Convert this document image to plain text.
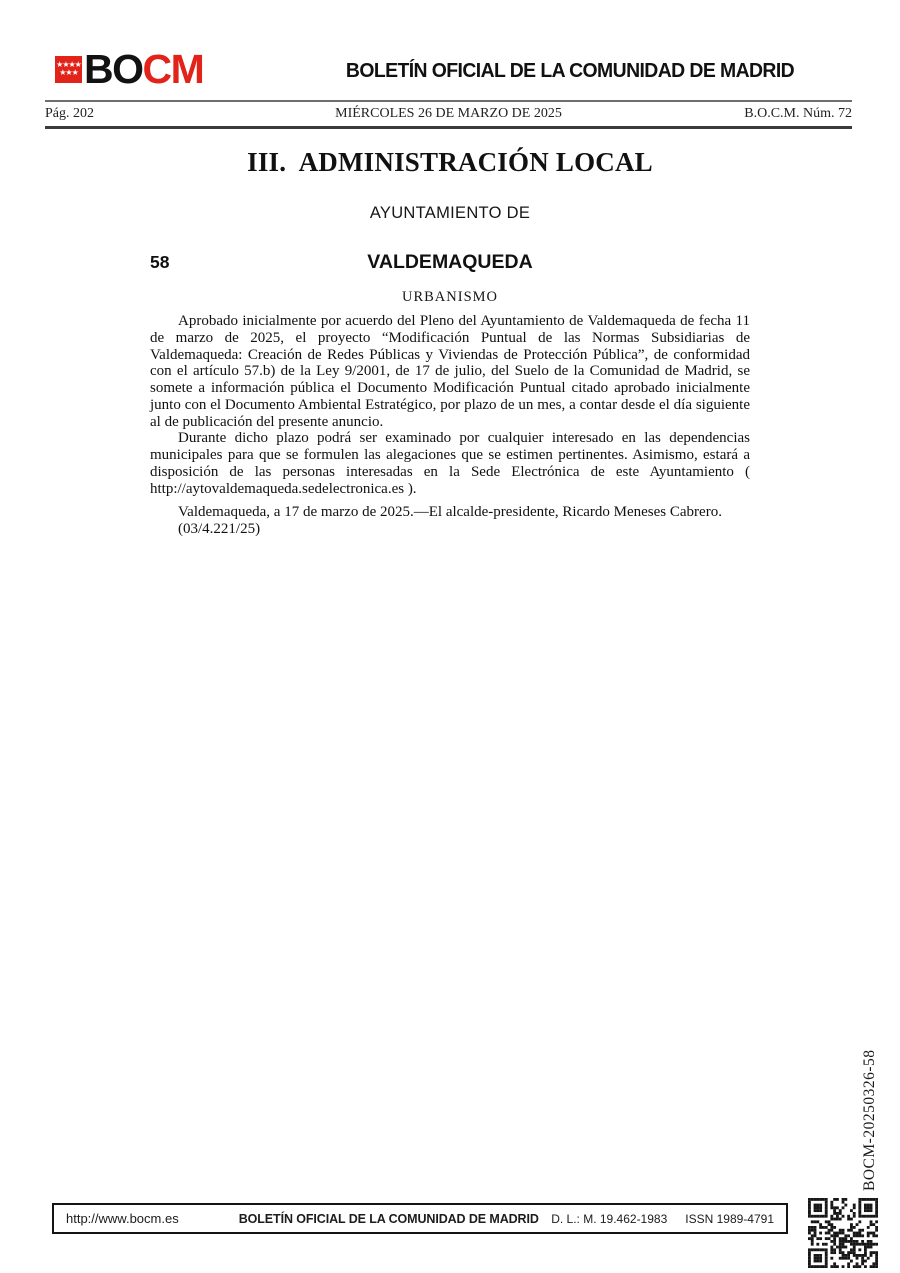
★★★★
★★★ BOCM	BOLETÍN OFICIAL DE LA COMUNIDAD DE MADRID
Pág. 202	MIÉRCOLES 26 DE MARZO DE 2025	B.O.C.M. Núm. 72
III.  ADMINISTRACIÓN LOCAL
AYUNTAMIENTO DE
58	VALDEMAQUEDA
URBANISMO

Aprobado inicialmente por acuerdo del Pleno del Ayuntamiento de Valdemaqueda de fecha 11 de marzo de 2025, el proyecto “Modificación Puntual de las Normas Subsidiarias de Valdemaqueda: Creación de Redes Públicas y Viviendas de Protección Pública”, de conformidad con el artículo 57.b) de la Ley 9/2001, de 17 de julio, del Suelo de la Comunidad de Madrid, se somete a información pública el Documento Modificación Puntual citado aprobado inicialmente junto con el Documento Ambiental Estratégico, por plazo de un mes, a contar desde el día siguiente al de publicación del presente anuncio.

Durante dicho plazo podrá ser examinado por cualquier interesado en las dependencias municipales para que se formulen las alegaciones que se estimen pertinentes. Asimismo, estará a disposición de las personas interesadas en la Sede Electrónica de este Ayuntamiento ( http://aytovaldemaqueda.sedelectronica.es ).

Valdemaqueda, a 17 de marzo de 2025.—El alcalde-presidente, Ricardo Meneses Cabrero.

(03/4.221/25)

BOCM-20250326-58
http://www.bocm.es	BOLETÍN OFICIAL DE LA COMUNIDAD DE MADRID D. L.: M. 19.462-1983 ISSN 1989-4791
